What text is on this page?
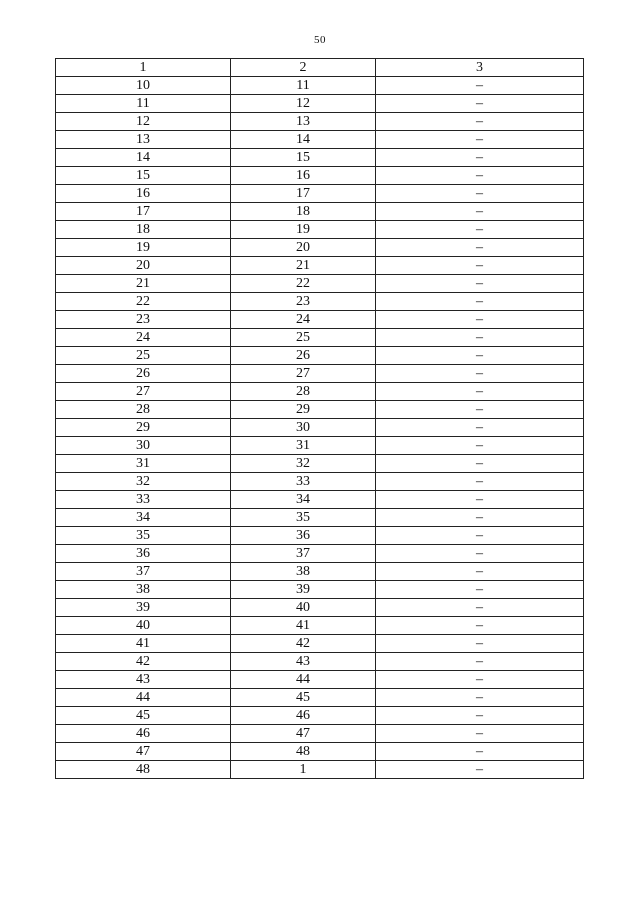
50
1	2	3
10	11	–
11	12	–
12	13	–
13	14	–
14	15	–
15	16	–
16	17	–
17	18	–
18	19	–
19	20	–
20	21	–
21	22	–
22	23	–
23	24	–
24	25	–
25	26	–
26	27	–
27	28	–
28	29	–
29	30	–
30	31	–
31	32	–
32	33	–
33	34	–
34	35	–
35	36	–
36	37	–
37	38	–
38	39	–
39	40	–
40	41	–
41	42	–
42	43	–
43	44	–
44	45	–
45	46	–
46	47	–
47	48	–
48	1	–
